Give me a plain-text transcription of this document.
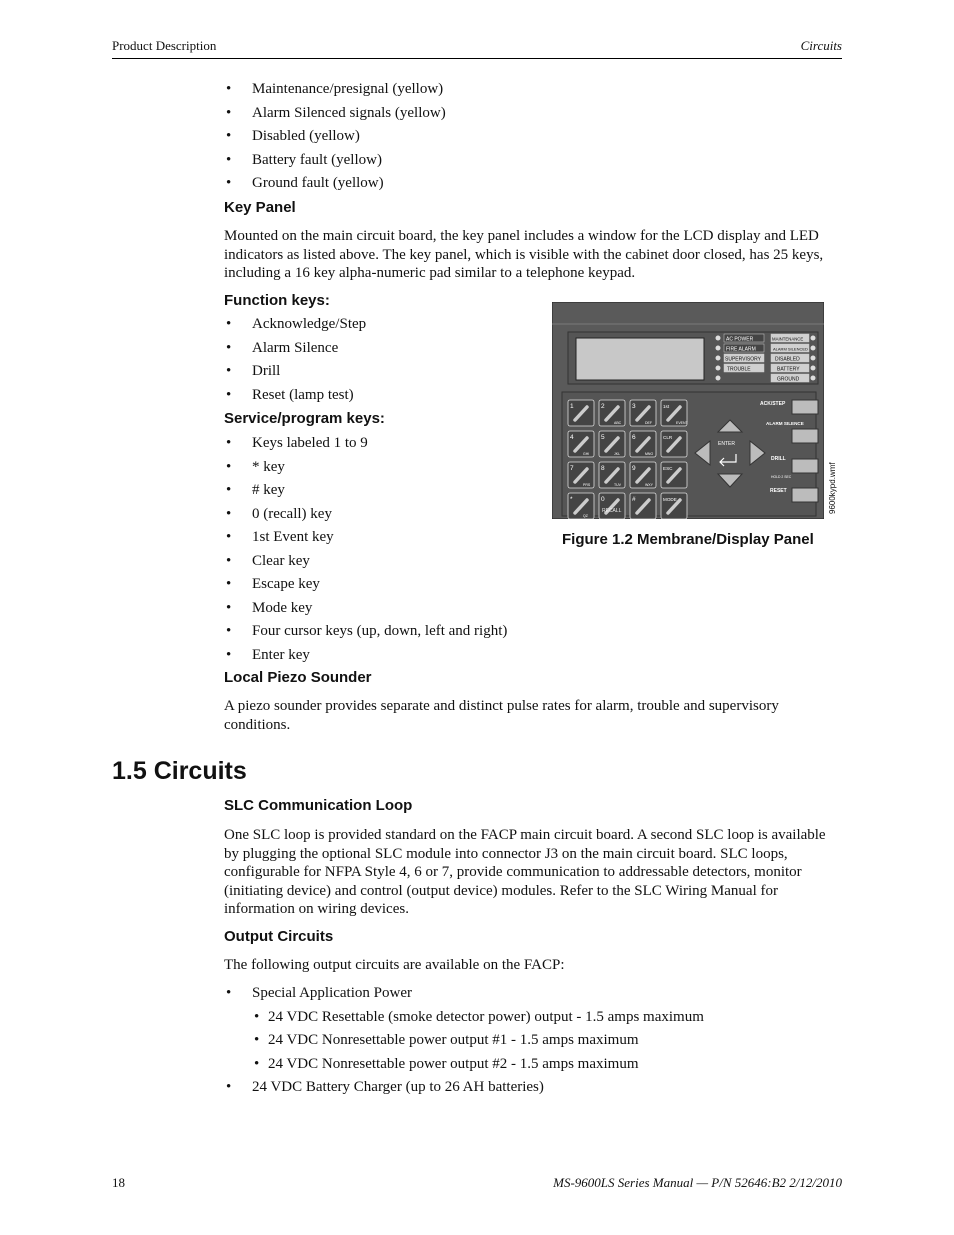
Product Description	Circuits
• Maintenance/presignal (yellow)
• Alarm Silenced signals (yellow)
• Disabled (yellow)
• Battery fault (yellow)
• Ground fault (yellow)
Key Panel
Mounted on the main circuit board, the key panel includes a window for the LCD display and LED indicators as listed above. The key panel, which is visible with the cabinet door closed, has 25 keys, including a 16 key alpha-numeric pad similar to a telephone keypad.
Function keys:
• Acknowledge/Step
• Alarm Silence
• Drill
• Reset (lamp test)
Service/program keys:
• Keys labeled 1 to 9
• * key
• # key
• 0 (recall) key
• 1st Event key
• Clear key
• Escape key
• Mode key
• Four cursor keys (up, down, left and right)
• Enter key
AC POWER
FIRE ALARM
SUPERVISORY
TROUBLE
MAINTENANCE
ALARM SILENCED
DISABLED
BATTERY
GROUND
1	2
ABC
3
DEF
1st
EVENT
4
GHI
5
JKL
6
MNO
CLR
7
PRS
8
TUV
9
WXY
ESC
*
QZ
0	#	MODE
RECALL
ENTER
ACK/STEP
ALARM SILENCE
DRILL
HOLD 2 SEC
RESET	9600kypd.wmf
Figure 1.2 Membrane/Display Panel
Local Piezo Sounder
A piezo sounder provides separate and distinct pulse rates for alarm, trouble and supervisory conditions.
1.5 Circuits
SLC Communication Loop
One SLC loop is provided standard on the FACP main circuit board. A second SLC loop is available by plugging the optional SLC module into connector J3 on the main circuit board. SLC loops, configurable for NFPA Style 4, 6 or 7, provide communication to addressable detectors, monitor (initiating device) and control (output device) modules. Refer to the SLC Wiring Manual for information on wiring devices.
Output Circuits
The following output circuits are available on the FACP:
• Special Application Power
• 24 VDC Resettable (smoke detector power) output - 1.5 amps maximum
• 24 VDC Nonresettable power output #1 - 1.5 amps maximum
• 24 VDC Nonresettable power output #2 - 1.5 amps maximum
• 24 VDC Battery Charger (up to 26 AH batteries)
18	MS-9600LS Series Manual — P/N 52646:B2 2/12/2010
